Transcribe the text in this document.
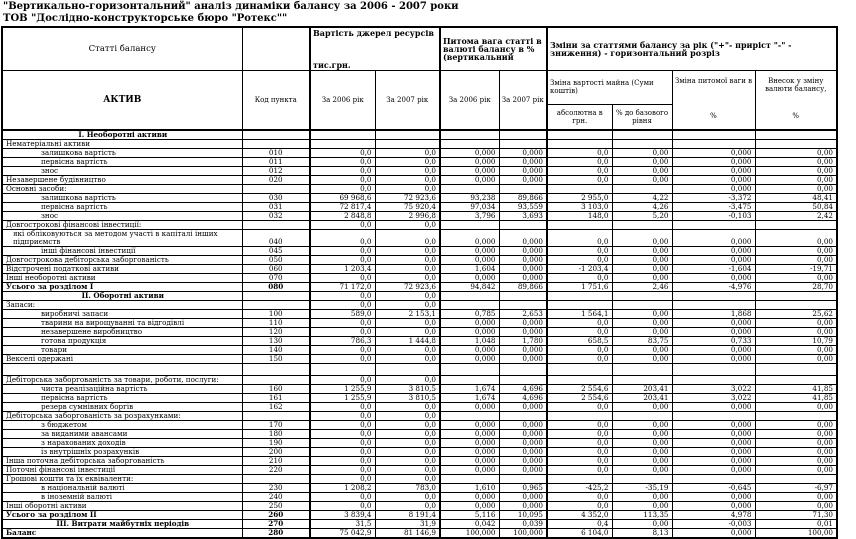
"Вертикально-горизонтальний" аналіз динаміки балансу за 2006 - 2007 роки
ТОВ "Дослідно-конструкторське бюро "Ротекс""
Статті балансу		Вартість джерел ресурсів
тис.грн.		Питома вага статті в валюті балансу в % (вертикальний		Зміни за статтями балансу за рік ("+"- приріст "-" - зниження) - горизонтальний розріз			
АКТИВ	Код пункта	За 2006 рік	За 2007 рік	За 2006 рік	За 2007 рік	Зміна вартості майна (Суми коштів)		Зміна питомої ваги в	Внесок у зміну валюти балансу,
						абсолютна в грн.	% до базового рівня	%	%
I. Необоротні активи									
Нематеріальні активи									
залишкова вартість	010	0,0	0,0	0,000	0,000	0,0	0,00	0,000	0,00
первісна вартість	011	0,0	0,0	0,000	0,000	0,0	0,00	0,000	0,00
знос	012	0,0	0,0	0,000	0,000	0,0	0,00	0,000	0,00
Незавершене будівництво	020	0,0	0,0	0,000	0,000	0,0	0,00	0,000	0,00
Основні засоби:		0,0	0,0					0,000	0,00
залишкова вартість	030	69 968,6	72 923,6	93,238	89,866	2 955,0	4,22	-3,372	48,41
первісна вартість	031	72 817,4	75 920,4	97,034	93,559	3 103,0	4,26	-3,475	50,84
знос	032	2 848,8	2 996,8	3,796	3,693	148,0	5,20	-0,103	2,42
Довгострокові фінансові інвестиції:		0,0	0,0						
які обліковуються за методом участі в капіталі інших підприємств	040	0,0	0,0	0,000	0,000	0,0	0,00	0,000	0,00
інші фінансові інвестиції	045	0,0	0,0	0,000	0,000	0,0	0,00	0,000	0,00
Довгострокова дебіторська заборгованість	050	0,0	0,0	0,000	0,000	0,0	0,00	0,000	0,00
Відстрочені податкові активи	060	1 203,4	0,0	1,604	0,000	-1 203,4	0,00	-1,604	-19,71
Інші необоротні активи	070	0,0	0,0	0,000	0,000	0,0	0,00	0,000	0,00
Усього за розділом I	080	71 172,0	72 923,6	94,842	89,866	1 751,6	2,46	-4,976	28,70
II. Оборотні активи		0,0	0,0						
Запаси:		0,0	0,0						
виробничі запаси	100	589,0	2 153,1	0,785	2,653	1 564,1	0,00	1,868	25,62
тварини на вирощуванні та відгодівлі	110	0,0	0,0	0,000	0,000	0,0	0,00	0,000	0,00
незавершене виробництво	120	0,0	0,0	0,000	0,000	0,0	0,00	0,000	0,00
готова продукція	130	786,3	1 444,8	1,048	1,780	658,5	83,75	0,733	10,79
товари	140	0,0	0,0	0,000	0,000	0,0	0,00	0,000	0,00
Векселі одержані	150	0,0	0,0	0,000	0,000	0,0	0,00	0,000	0,00

Дебіторська заборгованість за товари, роботи, послуги:		0,0	0,0						
чиста реалізаційна вартість	160	1 255,9	3 810,5	1,674	4,696	2 554,6	203,41	3,022	41,85
первісна вартість	161	1 255,9	3 810,5	1,674	4,696	2 554,6	203,41	3,022	41,85
резерв сумнівних боргів	162	0,0	0,0	0,000	0,000	0,0	0,00	0,000	0,00
Дебіторська заборгованість за розрахунками:		0,0	0,0						
з бюджетом	170	0,0	0,0	0,000	0,000	0,0	0,00	0,000	0,00
за виданими авансами	180	0,0	0,0	0,000	0,000	0,0	0,00	0,000	0,00
з нарахованих доходів	190	0,0	0,0	0,000	0,000	0,0	0,00	0,000	0,00
із внутрішніх розрахунків	200	0,0	0,0	0,000	0,000	0,0	0,00	0,000	0,00
Інша поточна дебіторська заборгованість	210	0,0	0,0	0,000	0,000	0,0	0,00	0,000	0,00
Поточні фінансові інвестиції	220	0,0	0,0	0,000	0,000	0,0	0,00	0,000	0,00
Грошові кошти та їх еквіваленти:		0,0	0,0						
в національній валюті	230	1 208,2	783,0	1,610	0,965	-425,2	-35,19	-0,645	-6,97
в іноземній валюті	240	0,0	0,0	0,000	0,000	0,0	0,00	0,000	0,00
Інші оборотні активи	250	0,0	0,0	0,000	0,000	0,0	0,00	0,000	0,00
Усього за розділом II	260	3 839,4	8 191,4	5,116	10,095	4 352,0	113,35	4,978	71,30
III. Витрати майбутніх періодів	270	31,5	31,9	0,042	0,039	0,4	0,00	-0,003	0,01
Баланс	280	75 042,9	81 146,9	100,000	100,000	6 104,0	8,13	0,000	100,00
